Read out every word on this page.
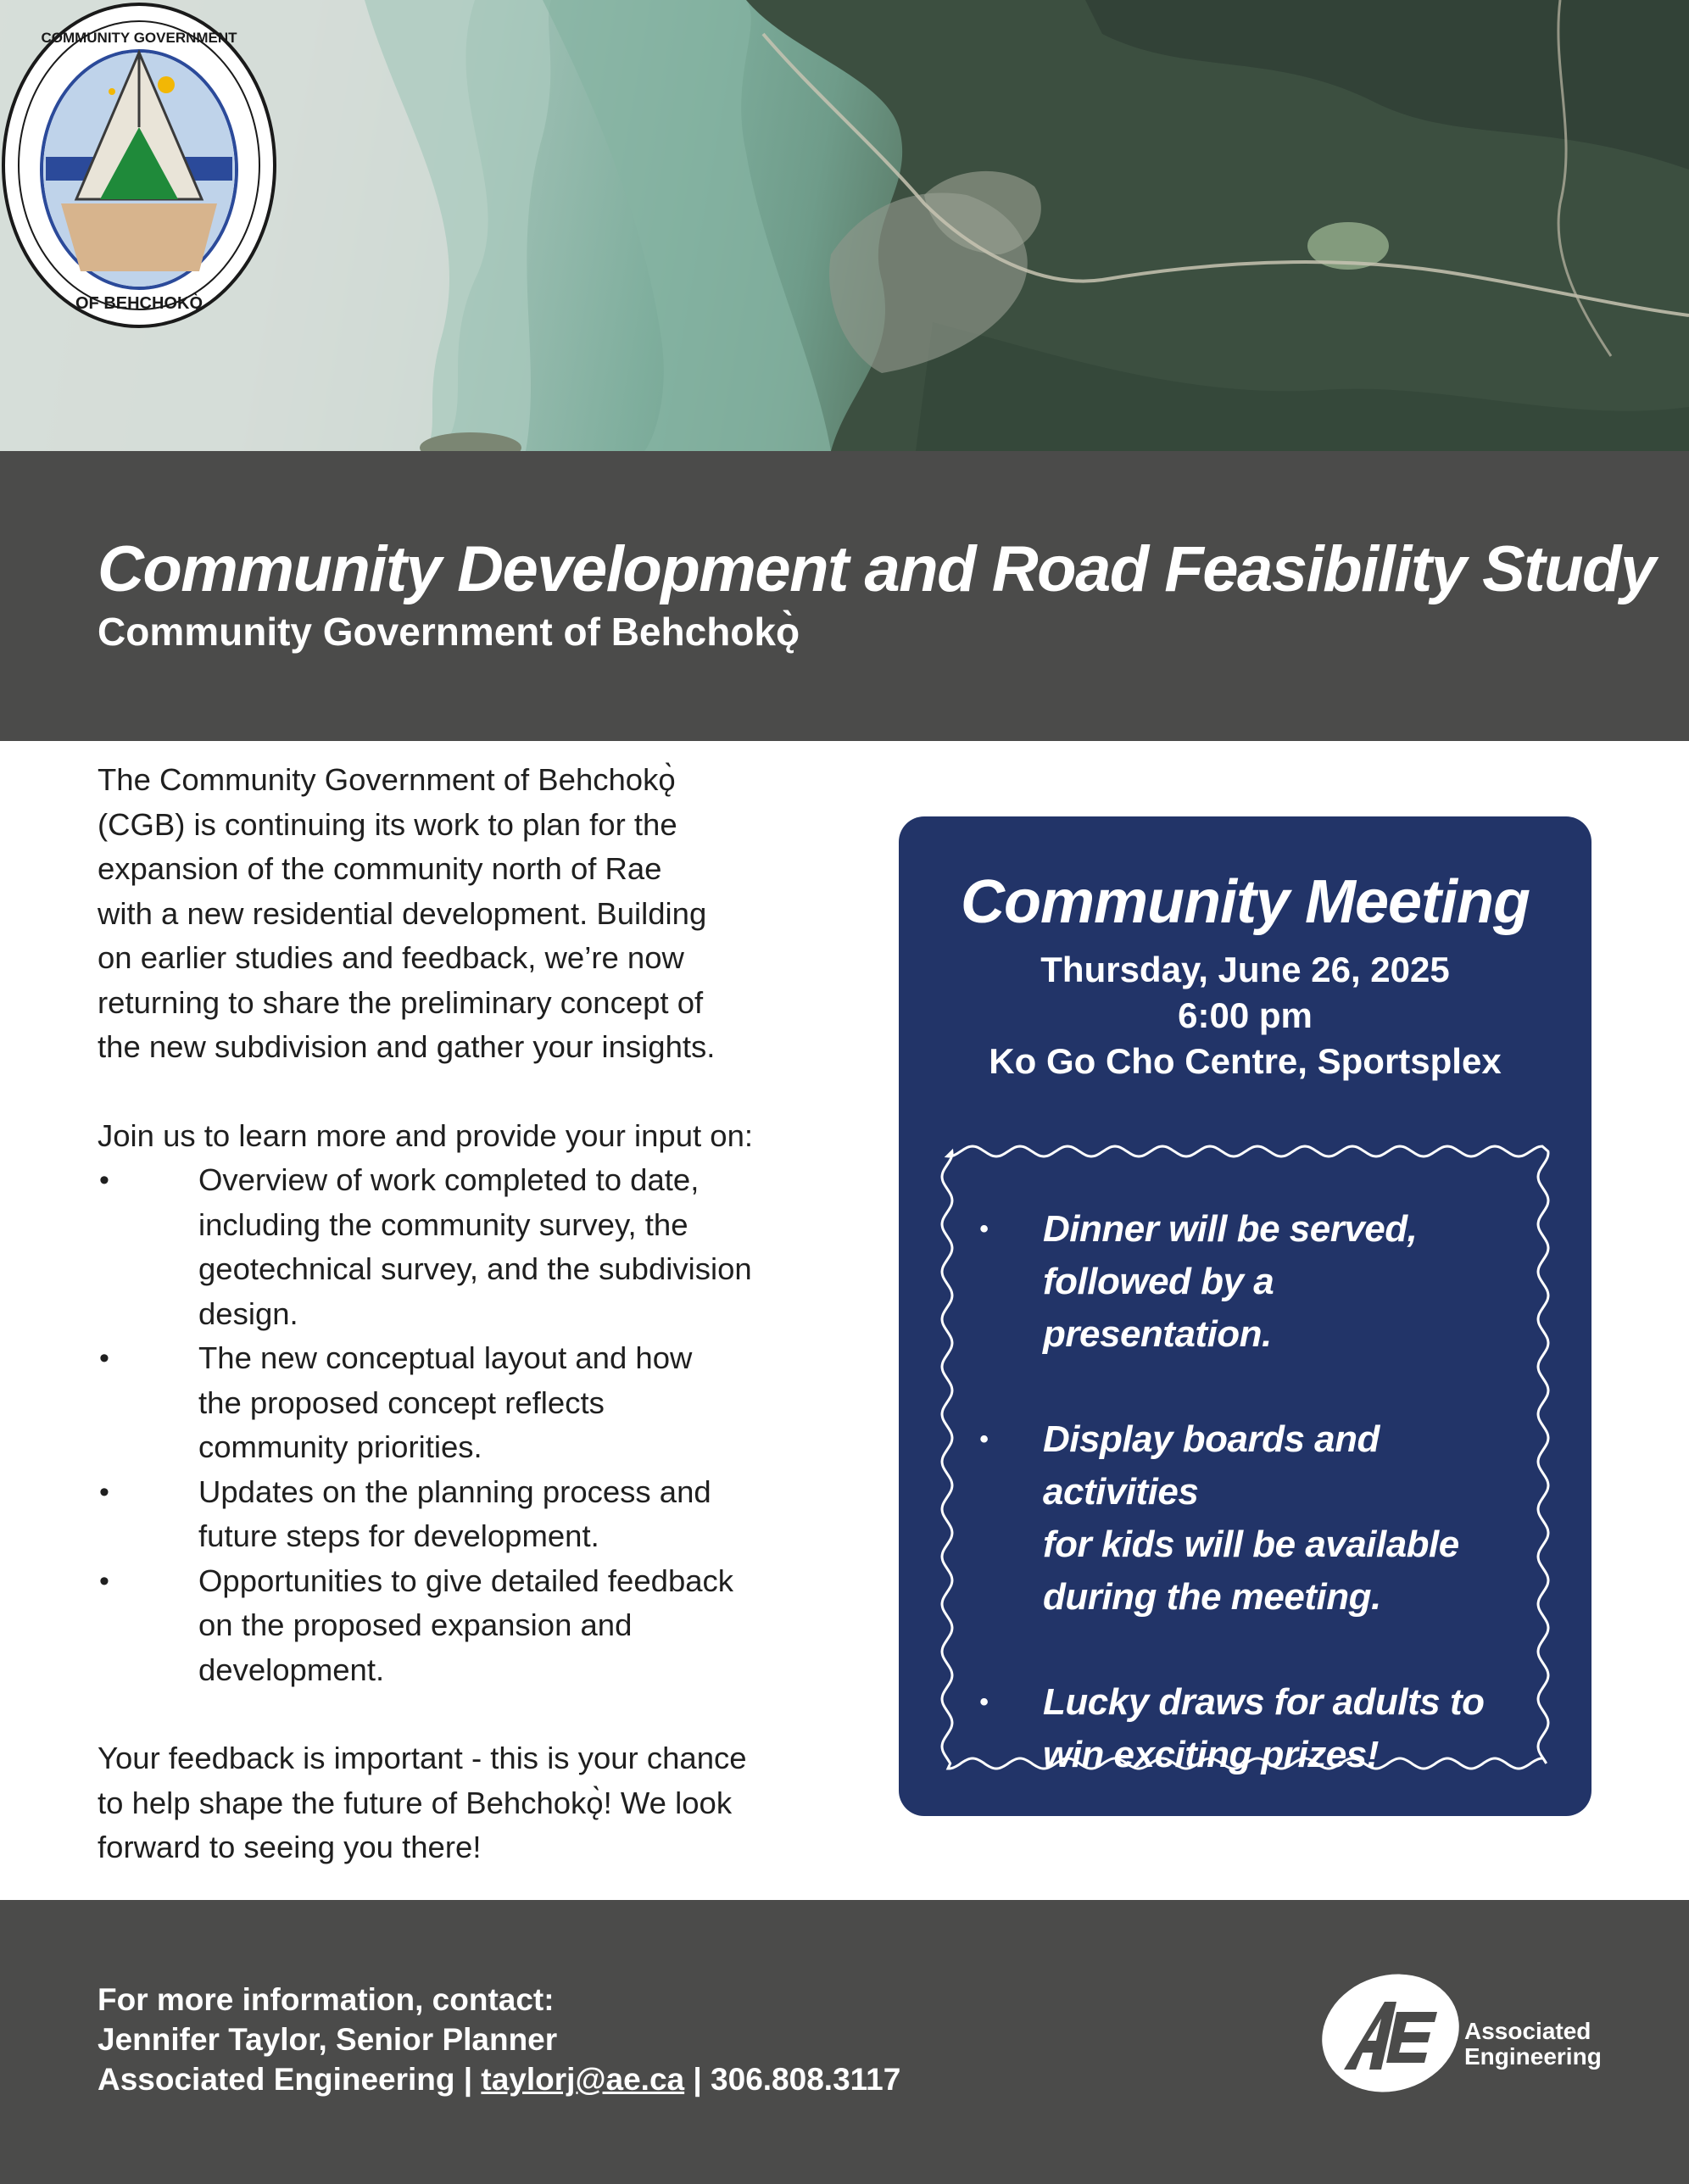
COMMUNITY GOVERNMENT
OF BEHCHOKǪ̀
Community Development and Road Feasibility Study
Community Government of Behchokǫ̀

The Community Government of Behchokǫ̀
(CGB) is continuing its work to plan for the
expansion of the community north of Rae
with a new residential development. Building
on earlier studies and feedback, we’re now
returning to share the preliminary concept of
the new subdivision and gather your insights.

Join us to learn more and provide your input on:

•	Overview of work completed to date,
including the community survey, the
geotechnical survey, and the subdivision
design.
•	The new conceptual layout and how
the proposed concept reflects
community priorities.
•	Updates on the planning process and
future steps for development.
•	Opportunities to give detailed feedback
on the proposed expansion and
development.

Your feedback is important - this is your chance
to help shape the future of Behchokǫ̀! We look
forward to seeing you there!

Community Meeting
Thursday, June 26, 2025
6:00 pm
Ko Go Cho Centre, Sportsplex
• Dinner will be served,
followed by a
presentation.
• Display boards and activities
for kids will be available
during the meeting.
• Lucky draws for adults to
win exciting prizes!
For more information, contact:
Jennifer Taylor, Senior Planner
Associated Engineering | taylorj@ae.ca | 306.808.3117
Associated
Engineering
